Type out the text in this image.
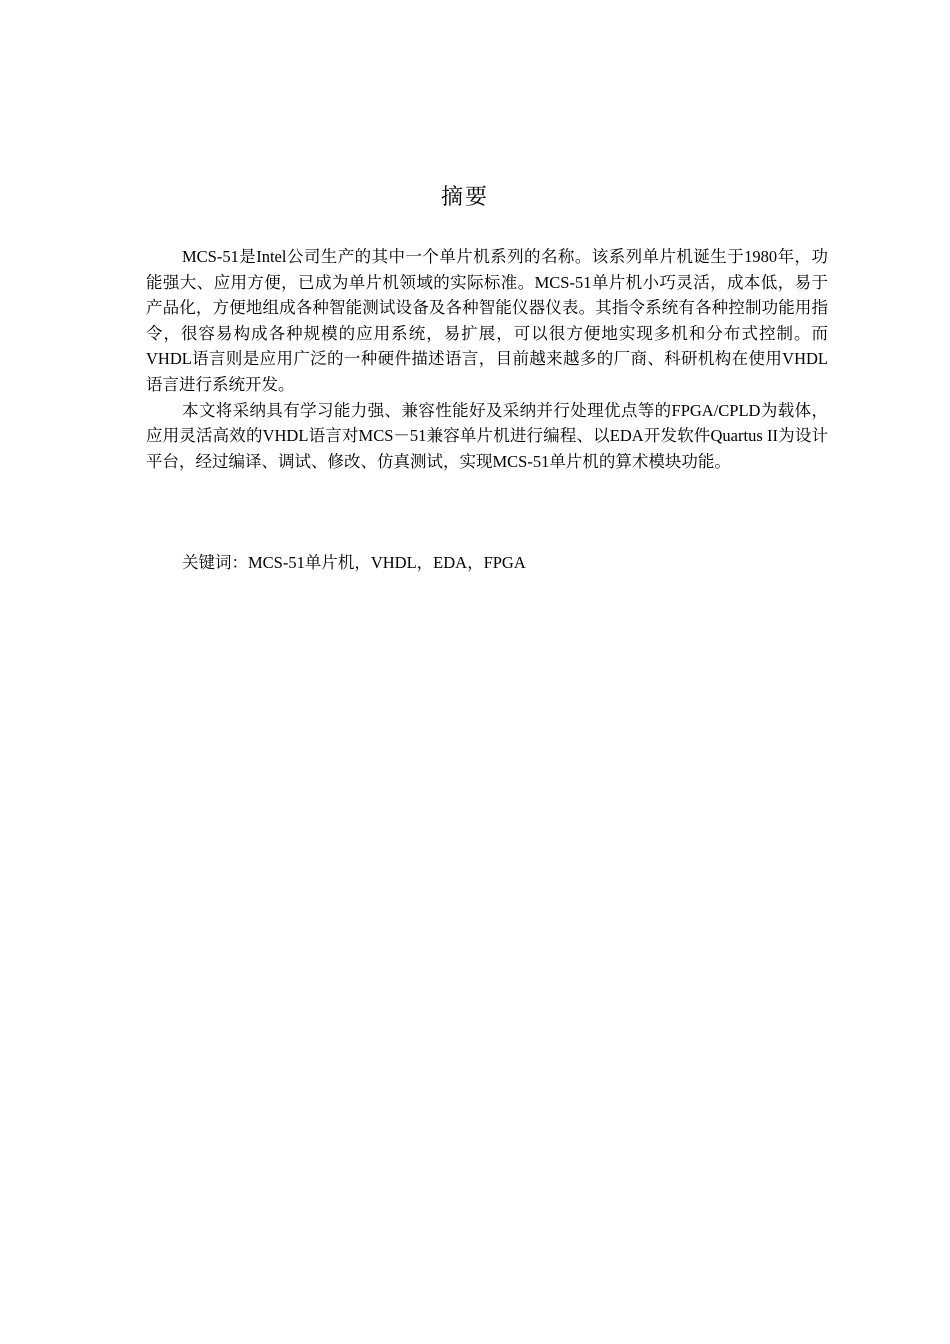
摘要

MCS-51是Intel公司生产的其中一个单片机系列的名称。该系列单片机诞生于1980年，功能强大、应用方便，已成为单片机领域的实际标准。MCS-51单片机小巧灵活，成本低，易于产品化，方便地组成各种智能测试设备及各种智能仪器仪表。其指令系统有各种控制功能用指令，很容易构成各种规模的应用系统，易扩展，可以很方便地实现多机和分布式控制。而VHDL语言则是应用广泛的一种硬件描述语言，目前越来越多的厂商、科研机构在使用VHDL语言进行系统开发。

本文将采纳具有学习能力强、兼容性能好及采纳并行处理优点等的FPGA/CPLD为载体，应用灵活高效的VHDL语言对MCS－51兼容单片机进行编程、以EDA开发软件Quartus II为设计平台，经过编译、调试、修改、仿真测试，实现MCS-51单片机的算术模块功能。

关键词：MCS-51单片机，VHDL，EDA，FPGA
